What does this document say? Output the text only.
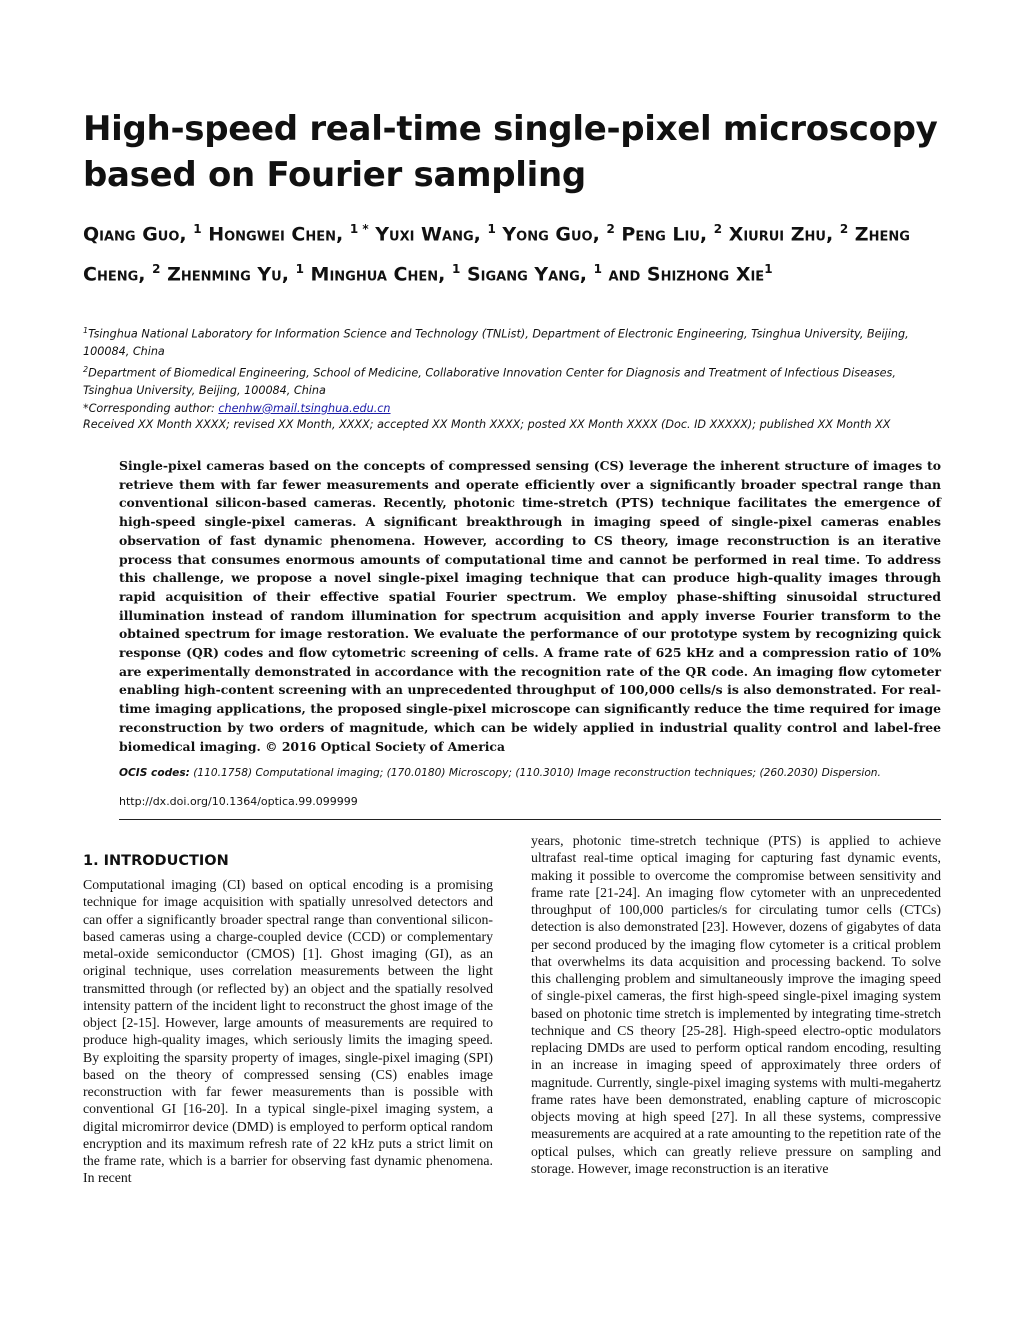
High-speed real-time single-pixel microscopy based on Fourier sampling
Qiang Guo, $^1$ Hongwei Chen, $^{1 *}$ Yuxi Wang, $^1$ Yong Guo, $^2$ Peng Liu, $^2$ Xiurui Zhu, $^2$ Zheng Cheng, $^2$ Zhenming Yu, $^1$ Minghua Chen, $^1$ Sigang Yang, $^1$ and Shizhong Xie$^1$

$^1$Tsinghua National Laboratory for Information Science and Technology (TNList), Department of Electronic Engineering, Tsinghua University, Beijing, 100084, China

$^2$Department of Biomedical Engineering, School of Medicine, Collaborative Innovation Center for Diagnosis and Treatment of Infectious Diseases, Tsinghua University, Beijing, 100084, China

*Corresponding author: chenhw@mail.tsinghua.edu.cn

Received XX Month XXXX; revised XX Month, XXXX; accepted XX Month XXXX; posted XX Month XXXX (Doc. ID XXXXX); published XX Month XX

Single-pixel cameras based on the concepts of compressed sensing (CS) leverage the inherent structure of images to retrieve them with far fewer measurements and operate efficiently over a significantly broader spectral range than conventional silicon-based cameras. Recently, photonic time-stretch (PTS) technique facilitates the emergence of high-speed single-pixel cameras. A significant breakthrough in imaging speed of single-pixel cameras enables observation of fast dynamic phenomena. However, according to CS theory, image reconstruction is an iterative process that consumes enormous amounts of computational time and cannot be performed in real time. To address this challenge, we propose a novel single-pixel imaging technique that can produce high-quality images through rapid acquisition of their effective spatial Fourier spectrum. We employ phase-shifting sinusoidal structured illumination instead of random illumination for spectrum acquisition and apply inverse Fourier transform to the obtained spectrum for image restoration. We evaluate the performance of our prototype system by recognizing quick response (QR) codes and flow cytometric screening of cells. A frame rate of 625 kHz and a compression ratio of 10% are experimentally demonstrated in accordance with the recognition rate of the QR code. An imaging flow cytometer enabling high-content screening with an unprecedented throughput of 100,000 cells/s is also demonstrated. For real-time imaging applications, the proposed single-pixel microscope can significantly reduce the time required for image reconstruction by two orders of magnitude, which can be widely applied in industrial quality control and label-free biomedical imaging. © 2016 Optical Society of America

OCIS codes: (110.1758) Computational imaging; (170.0180) Microscopy; (110.3010) Image reconstruction techniques; (260.2030) Dispersion.
http://dx.doi.org/10.1364/optica.99.099999
1. INTRODUCTION

Computational imaging (CI) based on optical encoding is a promising technique for image acquisition with spatially unresolved detectors and can offer a significantly broader spectral range than conventional silicon-based cameras using a charge-coupled device (CCD) or complementary metal-oxide semiconductor (CMOS) [1]. Ghost imaging (GI), as an original technique, uses correlation measurements between the light transmitted through (or reflected by) an object and the spatially resolved intensity pattern of the incident light to reconstruct the ghost image of the object [2-15]. However, large amounts of measurements are required to produce high-quality images, which seriously limits the imaging speed. By exploiting the sparsity property of images, single-pixel imaging (SPI) based on the theory of compressed sensing (CS) enables image reconstruction with far fewer measurements than is possible with conventional GI [16-20]. In a typical single-pixel imaging system, a digital micromirror device (DMD) is employed to perform optical random encryption and its maximum refresh rate of 22 kHz puts a strict limit on the frame rate, which is a barrier for observing fast dynamic phenomena. In recent

years, photonic time-stretch technique (PTS) is applied to achieve ultrafast real-time optical imaging for capturing fast dynamic events, making it possible to overcome the compromise between sensitivity and frame rate [21-24]. An imaging flow cytometer with an unprecedented throughput of 100,000 particles/s for circulating tumor cells (CTCs) detection is also demonstrated [23]. However, dozens of gigabytes of data per second produced by the imaging flow cytometer is a critical problem that overwhelms its data acquisition and processing backend. To solve this challenging problem and simultaneously improve the imaging speed of single-pixel cameras, the first high-speed single-pixel imaging system based on photonic time stretch is implemented by integrating time-stretch technique and CS theory [25-28]. High-speed electro-optic modulators replacing DMDs are used to perform optical random encoding, resulting in an increase in imaging speed of approximately three orders of magnitude. Currently, single-pixel imaging systems with multi-megahertz frame rates have been demonstrated, enabling capture of microscopic objects moving at high speed [27]. In all these systems, compressive measurements are acquired at a rate amounting to the repetition rate of the optical pulses, which can greatly relieve pressure on sampling and storage. However, image reconstruction is an iterative
